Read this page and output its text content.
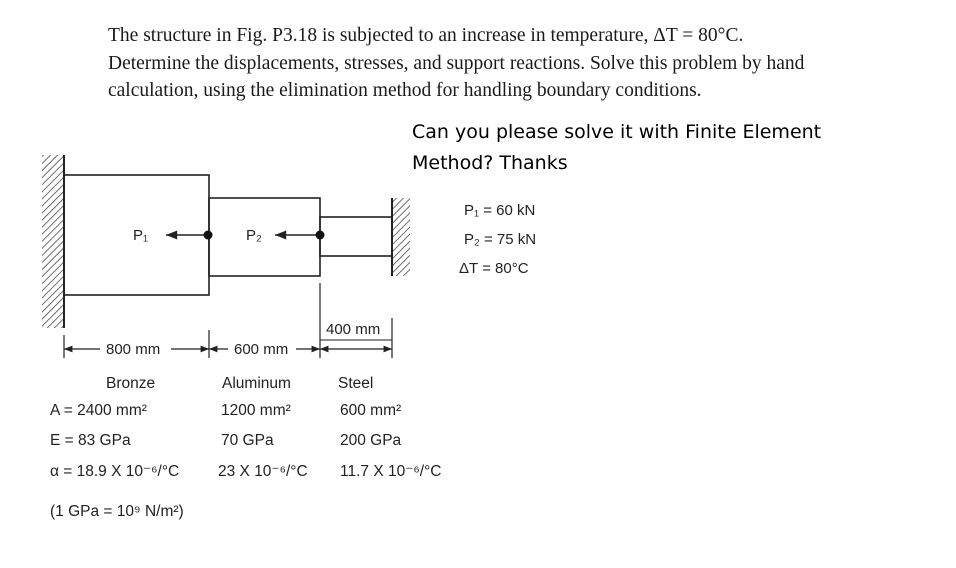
The structure in Fig. P3.18 is subjected to an increase in temperature, ΔT = 80°C.
Determine the displacements, stresses, and support reactions. Solve this problem by hand
calculation, using the elimination method for handling boundary conditions.

Can you please solve it with Finite Element
Method? Thanks

P₁	P₂
800 mm	600 mm
400 mm
P₁ = 60 kN
P₂ = 75 kN
ΔT = 80°C
Bronze	Aluminum	Steel
A = 2400 mm²	1200 mm²	600 mm²
E = 83 GPa	70 GPa	200 GPa
α = 18.9 X 10⁻⁶/°C	23 X 10⁻⁶/°C 11.7 X 10⁻⁶/°C
(1 GPa = 10⁹ N/m²)
